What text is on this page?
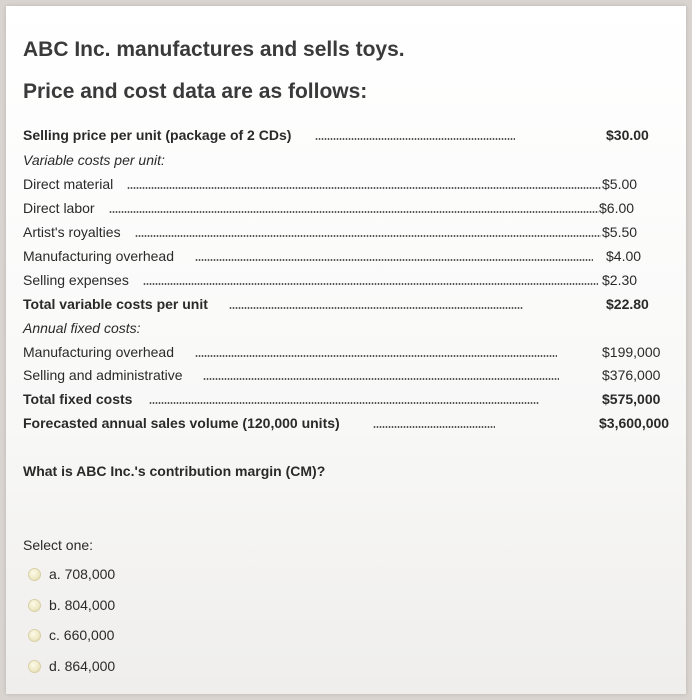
ABC Inc. manufactures and sells toys.
Price and cost data are as follows:
Selling price per unit (package of 2 CDs)	$30.00
Variable costs per unit:
Direct material	$5.00
Direct labor	$6.00
Artist's royalties	$5.50
Manufacturing overhead	$4.00
Selling expenses	$2.30
Total variable costs per unit	$22.80
Annual fixed costs:
Manufacturing overhead	$199,000
Selling and administrative	$376,000
Total fixed costs	$575,000
Forecasted annual sales volume (120,000 units)	$3,600,000
What is ABC Inc.'s contribution margin (CM)?
Select one:
a. 708,000
b. 804,000
c. 660,000
d. 864,000
